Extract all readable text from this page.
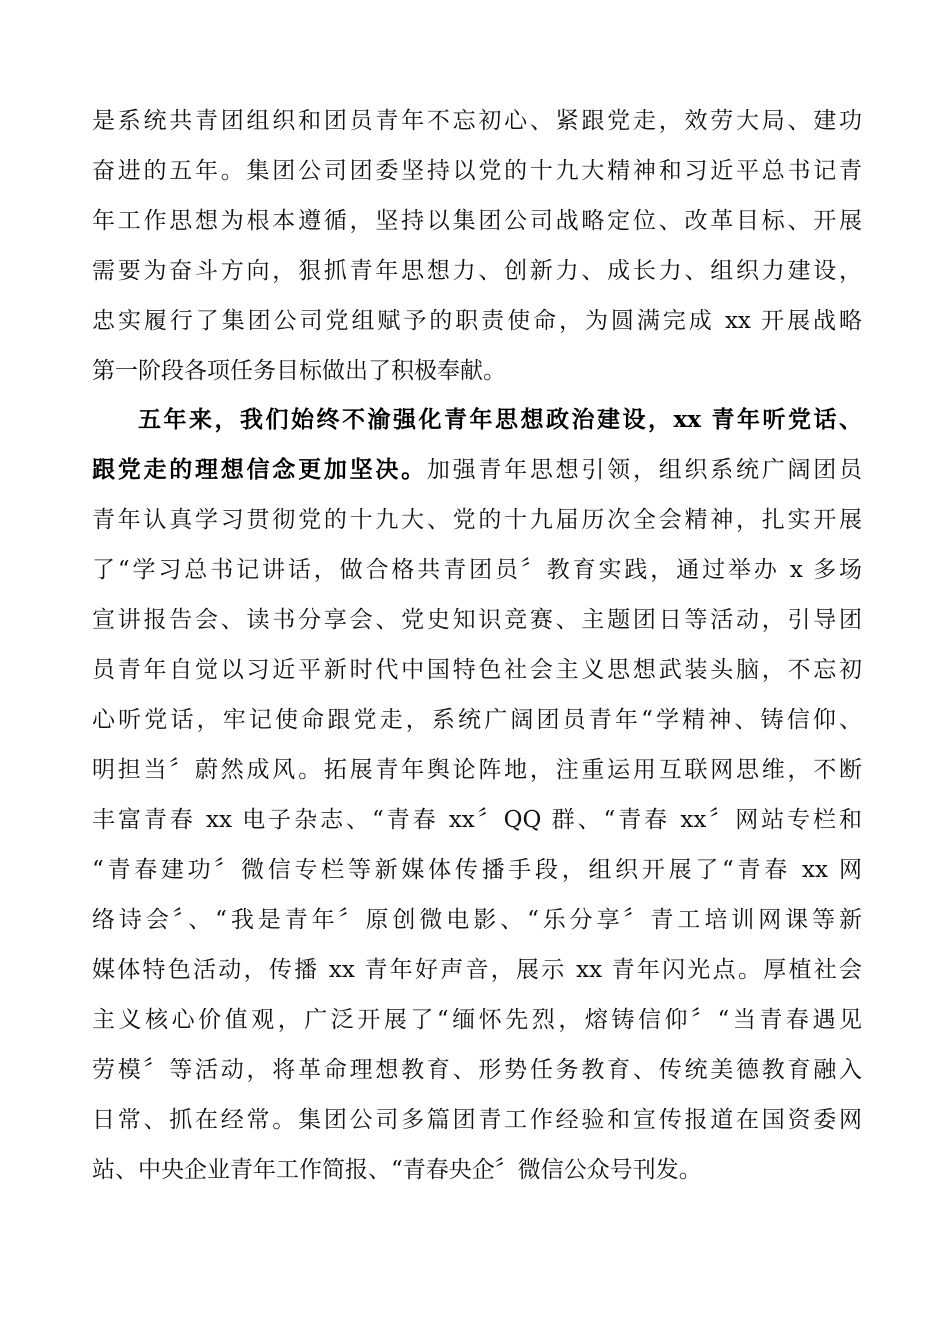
是系统共青团组织和团员青年不忘初心、紧跟党走，效劳大局、建功
奋进的五年。集团公司团委坚持以党的十九大精神和习近平总书记青
年工作思想为根本遵循，坚持以集团公司战略定位、改革目标、开展
需要为奋斗方向，狠抓青年思想力、创新力、成长力、组织力建设，
忠实履行了集团公司党组赋予的职责使命，为圆满完成 xx 开展战略
第一阶段各项任务目标做出了积极奉献。
五年来，我们始终不渝强化青年思想政治建设，xx 青年听党话、
跟党走的理想信念更加坚决。加强青年思想引领，组织系统广阔团员
青年认真学习贯彻党的十九大、党的十九届历次全会精神，扎实开展
了“学习总书记讲话，做合格共青团员〞教育实践，通过举办 x 多场
宣讲报告会、读书分享会、党史知识竞赛、主题团日等活动，引导团
员青年自觉以习近平新时代中国特色社会主义思想武装头脑，不忘初
心听党话，牢记使命跟党走，系统广阔团员青年“学精神、铸信仰、
明担当〞蔚然成风。拓展青年舆论阵地，注重运用互联网思维，不断
丰富青春 xx 电子杂志、“青春 xx〞QQ 群、“青春 xx〞网站专栏和
“青春建功〞微信专栏等新媒体传播手段，组织开展了“青春 xx 网
络诗会〞、“我是青年〞原创微电影、“乐分享〞青工培训网课等新
媒体特色活动，传播 xx 青年好声音，展示 xx 青年闪光点。厚植社会
主义核心价值观，广泛开展了“缅怀先烈，熔铸信仰〞“当青春遇见
劳模〞等活动，将革命理想教育、形势任务教育、传统美德教育融入
日常、抓在经常。集团公司多篇团青工作经验和宣传报道在国资委网
站、中央企业青年工作简报、“青春央企〞微信公众号刊发。
